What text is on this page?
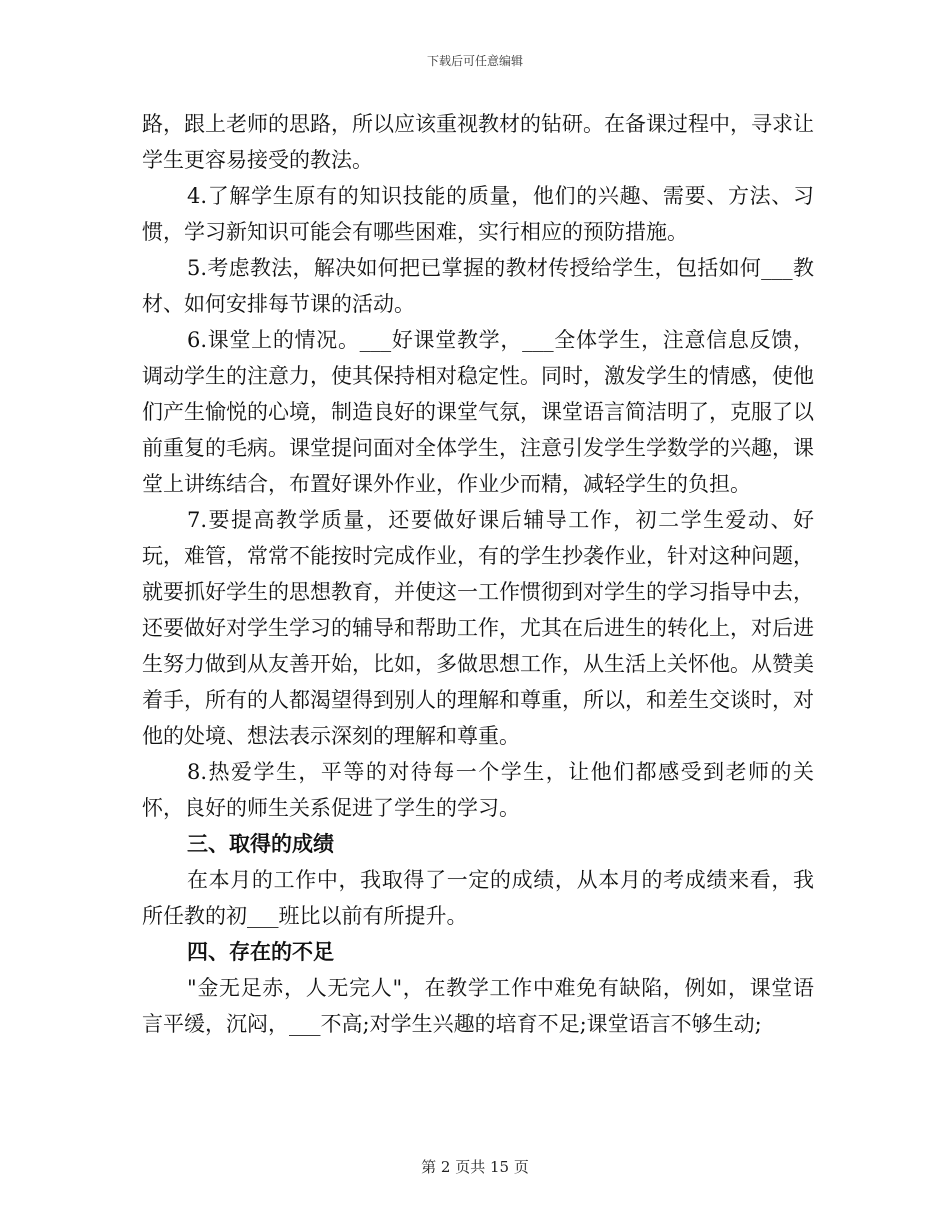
下载后可任意编辑

路，跟上老师的思路，所以应该重视教材的钻研。在备课过程中，寻求让学生更容易接受的教法。

4.了解学生原有的知识技能的质量，他们的兴趣、需要、方法、习惯，学习新知识可能会有哪些困难，实行相应的预防措施。

5.考虑教法，解决如何把已掌握的教材传授给学生，包括如何___教材、如何安排每节课的活动。

6.课堂上的情况。___好课堂教学，___全体学生，注意信息反馈，调动学生的注意力，使其保持相对稳定性。同时，激发学生的情感，使他们产生愉悦的心境，制造良好的课堂气氛，课堂语言简洁明了，克服了以前重复的毛病。课堂提问面对全体学生，注意引发学生学数学的兴趣，课堂上讲练结合，布置好课外作业，作业少而精，减轻学生的负担。

7.要提高教学质量，还要做好课后辅导工作，初二学生爱动、好玩，难管，常常不能按时完成作业，有的学生抄袭作业，针对这种问题，就要抓好学生的思想教育，并使这一工作惯彻到对学生的学习指导中去，还要做好对学生学习的辅导和帮助工作，尤其在后进生的转化上，对后进生努力做到从友善开始，比如，多做思想工作，从生活上关怀他。从赞美着手，所有的人都渴望得到别人的理解和尊重，所以，和差生交谈时，对他的处境、想法表示深刻的理解和尊重。

8.热爱学生，平等的对待每一个学生，让他们都感受到老师的关怀，良好的师生关系促进了学生的学习。

三、取得的成绩

在本月的工作中，我取得了一定的成绩，从本月的考成绩来看，我所任教的初___班比以前有所提升。

四、存在的不足

"金无足赤，人无完人"，在教学工作中难免有缺陷，例如，课堂语言平缓，沉闷，___不高;对学生兴趣的培育不足;课堂语言不够生动;

第 2 页共 15 页
